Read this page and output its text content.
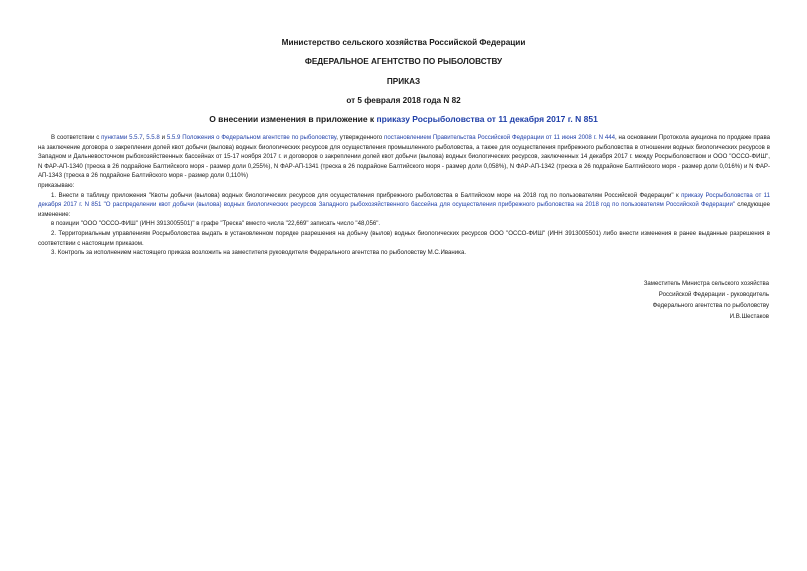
Министерство сельского хозяйства Российской Федерации
ФЕДЕРАЛЬНОЕ АГЕНТСТВО ПО РЫБОЛОВСТВУ
ПРИКАЗ
от 5 февраля 2018 года N 82
О внесении изменения в приложение к приказу Росрыболовства от 11 декабря 2017 г. N 851

В соответствии с пунктами 5.5.7, 5.5.8 и 5.5.9 Положения о Федеральном агентстве по рыболовству, утвержденного постановлением Правительства Российской Федерации от 11 июня 2008 г. N 444, на основании Протокола аукциона по продаже права на заключение договора о закреплении долей квот добычи (вылова) водных биологических ресурсов для осуществления промышленного рыболовства, а также для осуществления прибрежного рыболовства в отношении водных биологических ресурсов в Западном и Дальневосточном рыбохозяйственных бассейнах от 15-17 ноября 2017 г. и договоров о закреплении долей квот добычи (вылова) водных биологических ресурсов, заключенных 14 декабря 2017 г. между Росрыболовством и ООО "ОССО-ФИШ", N ФАР-АП-1340 (треска в 26 подрайоне Балтийского моря - размер доли 0,255%), N ФАР-АП-1341 (треска в 26 подрайоне Балтийского моря - размер доли 0,058%), N ФАР-АП-1342 (треска в 26 подрайоне Балтийского моря - размер доли 0,016%) и N ФАР-АП-1343 (треска в 26 подрайоне Балтийского моря - размер доли 0,110%)

приказываю:

1. Внести в таблицу приложения "Квоты добычи (вылова) водных биологических ресурсов для осуществления прибрежного рыболовства в Балтийском море на 2018 год по пользователям Российской Федерации" к приказу Росрыболовства от 11 декабря 2017 г. N 851 "О распределении квот добычи (вылова) водных биологических ресурсов Западного рыбохозяйственного бассейна для осуществления прибрежного рыболовства на 2018 год по пользователям Российской Федерации" следующее изменение:

в позиции "ООО "ОССО-ФИШ" (ИНН 3913005501)" в графе "Треска" вместо числа "22,669" записать число "48,056".

2. Территориальным управлениям Росрыболовства выдать в установленном порядке разрешения на добычу (вылов) водных биологических ресурсов ООО "ОССО-ФИШ" (ИНН 3913005501) либо внести изменения в ранее выданные разрешения в соответствии с настоящим приказом.

3. Контроль за исполнением настоящего приказа возложить на заместителя руководителя Федерального агентства по рыболовству М.С.Иваника.

Заместитель Министра сельского хозяйства
Российской Федерации - руководитель
Федерального агентства по рыболовству
И.В.Шестаков
